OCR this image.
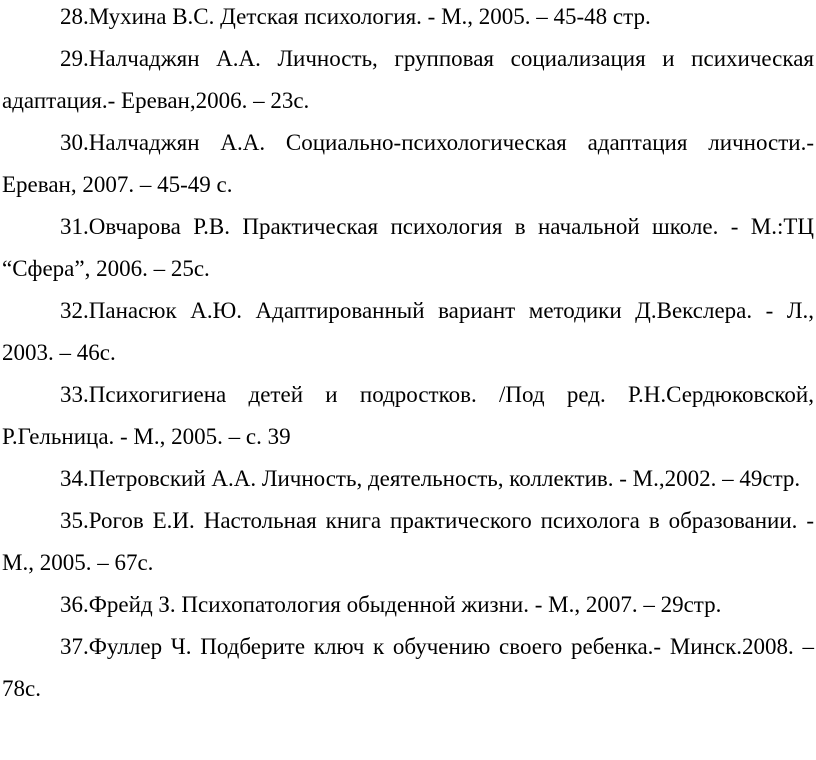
28.Мухина В.С. Детская психология. - М., 2005. – 45-48 стр.

29.Налчаджян А.А. Личность, групповая социализация и психическая адаптация.- Ереван,2006. – 23с.

30.Налчаджян А.А. Социально-психологическая адаптация личности.- Ереван, 2007. – 45-49 с.

31.Овчарова Р.В. Практическая психология в начальной школе. - М.:ТЦ “Сфера”, 2006. – 25с.

32.Панасюк А.Ю. Адаптированный вариант методики Д.Векслера. - Л., 2003. – 46с.

33.Психогигиена детей и подростков. /Под ред. Р.Н.Сердюковской, Р.Гельница. - М., 2005. – с. 39

34.Петровский А.А. Личность, деятельность, коллектив. - М.,2002. – 49стр.

35.Рогов Е.И. Настольная книга практического психолога в образовании. - М., 2005. – 67с.

36.Фрейд З. Психопатология обыденной жизни. - М., 2007. – 29стр.

37.Фуллер Ч. Подберите ключ к обучению своего ребенка.- Минск.2008. – 78с.
